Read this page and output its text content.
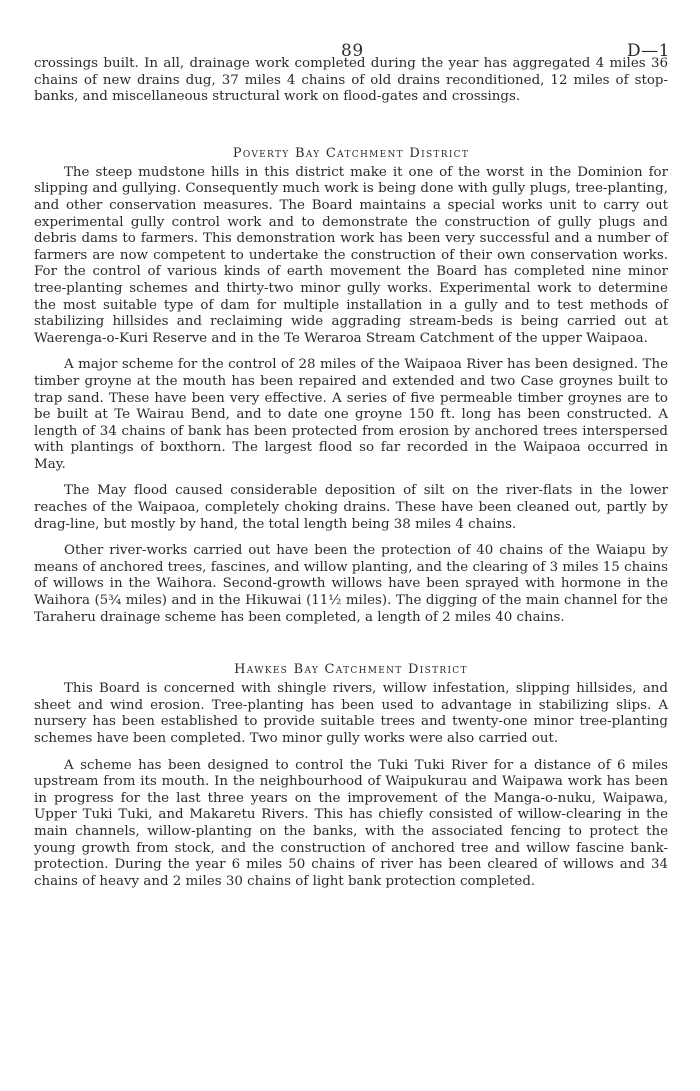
89	D—1

crossings built. In all, drainage work completed during the year has aggregated 4 miles 36 chains of new drains dug, 37 miles 4 chains of old drains reconditioned, 12 miles of stop-banks, and miscellaneous structural work on flood-gates and crossings.

Poverty Bay Catchment District

The steep mudstone hills in this district make it one of the worst in the Dominion for slipping and gullying. Consequently much work is being done with gully plugs, tree-planting, and other conservation measures. The Board maintains a special works unit to carry out experimental gully control work and to demonstrate the construction of gully plugs and debris dams to farmers. This demonstration work has been very successful and a number of farmers are now competent to undertake the construction of their own conservation works. For the control of various kinds of earth movement the Board has completed nine minor tree-planting schemes and thirty-two minor gully works. Experimental work to determine the most suitable type of dam for multiple installation in a gully and to test methods of stabilizing hillsides and reclaiming wide aggrading stream-beds is being carried out at Waerenga-o-Kuri Reserve and in the Te Weraroa Stream Catchment of the upper Waipaoa.

A major scheme for the control of 28 miles of the Waipaoa River has been designed. The timber groyne at the mouth has been repaired and extended and two Case groynes built to trap sand. These have been very effective. A series of five permeable timber groynes are to be built at Te Wairau Bend, and to date one groyne 150 ft. long has been constructed. A length of 34 chains of bank has been protected from erosion by anchored trees interspersed with plantings of boxthorn. The largest flood so far recorded in the Waipaoa occurred in May.

The May flood caused considerable deposition of silt on the river-flats in the lower reaches of the Waipaoa, completely choking drains. These have been cleaned out, partly by drag-line, but mostly by hand, the total length being 38 miles 4 chains.

Other river-works carried out have been the protection of 40 chains of the Waiapu by means of anchored trees, fascines, and willow planting, and the clearing of 3 miles 15 chains of willows in the Waihora. Second-growth willows have been sprayed with hormone in the Waihora (5¾ miles) and in the Hikuwai (11½ miles). The digging of the main channel for the Taraheru drainage scheme has been completed, a length of 2 miles 40 chains.

Hawkes Bay Catchment District

This Board is concerned with shingle rivers, willow infestation, slipping hillsides, and sheet and wind erosion. Tree-planting has been used to advantage in stabilizing slips. A nursery has been established to provide suitable trees and twenty-one minor tree-planting schemes have been completed. Two minor gully works were also carried out.

A scheme has been designed to control the Tuki Tuki River for a distance of 6 miles upstream from its mouth. In the neighbourhood of Waipukurau and Waipawa work has been in progress for the last three years on the improvement of the Manga-o-nuku, Waipawa, Upper Tuki Tuki, and Makaretu Rivers. This has chiefly consisted of willow-clearing in the main channels, willow-planting on the banks, with the associated fencing to protect the young growth from stock, and the construction of anchored tree and willow fascine bank-protection. During the year 6 miles 50 chains of river has been cleared of willows and 34 chains of heavy and 2 miles 30 chains of light bank protection completed.
